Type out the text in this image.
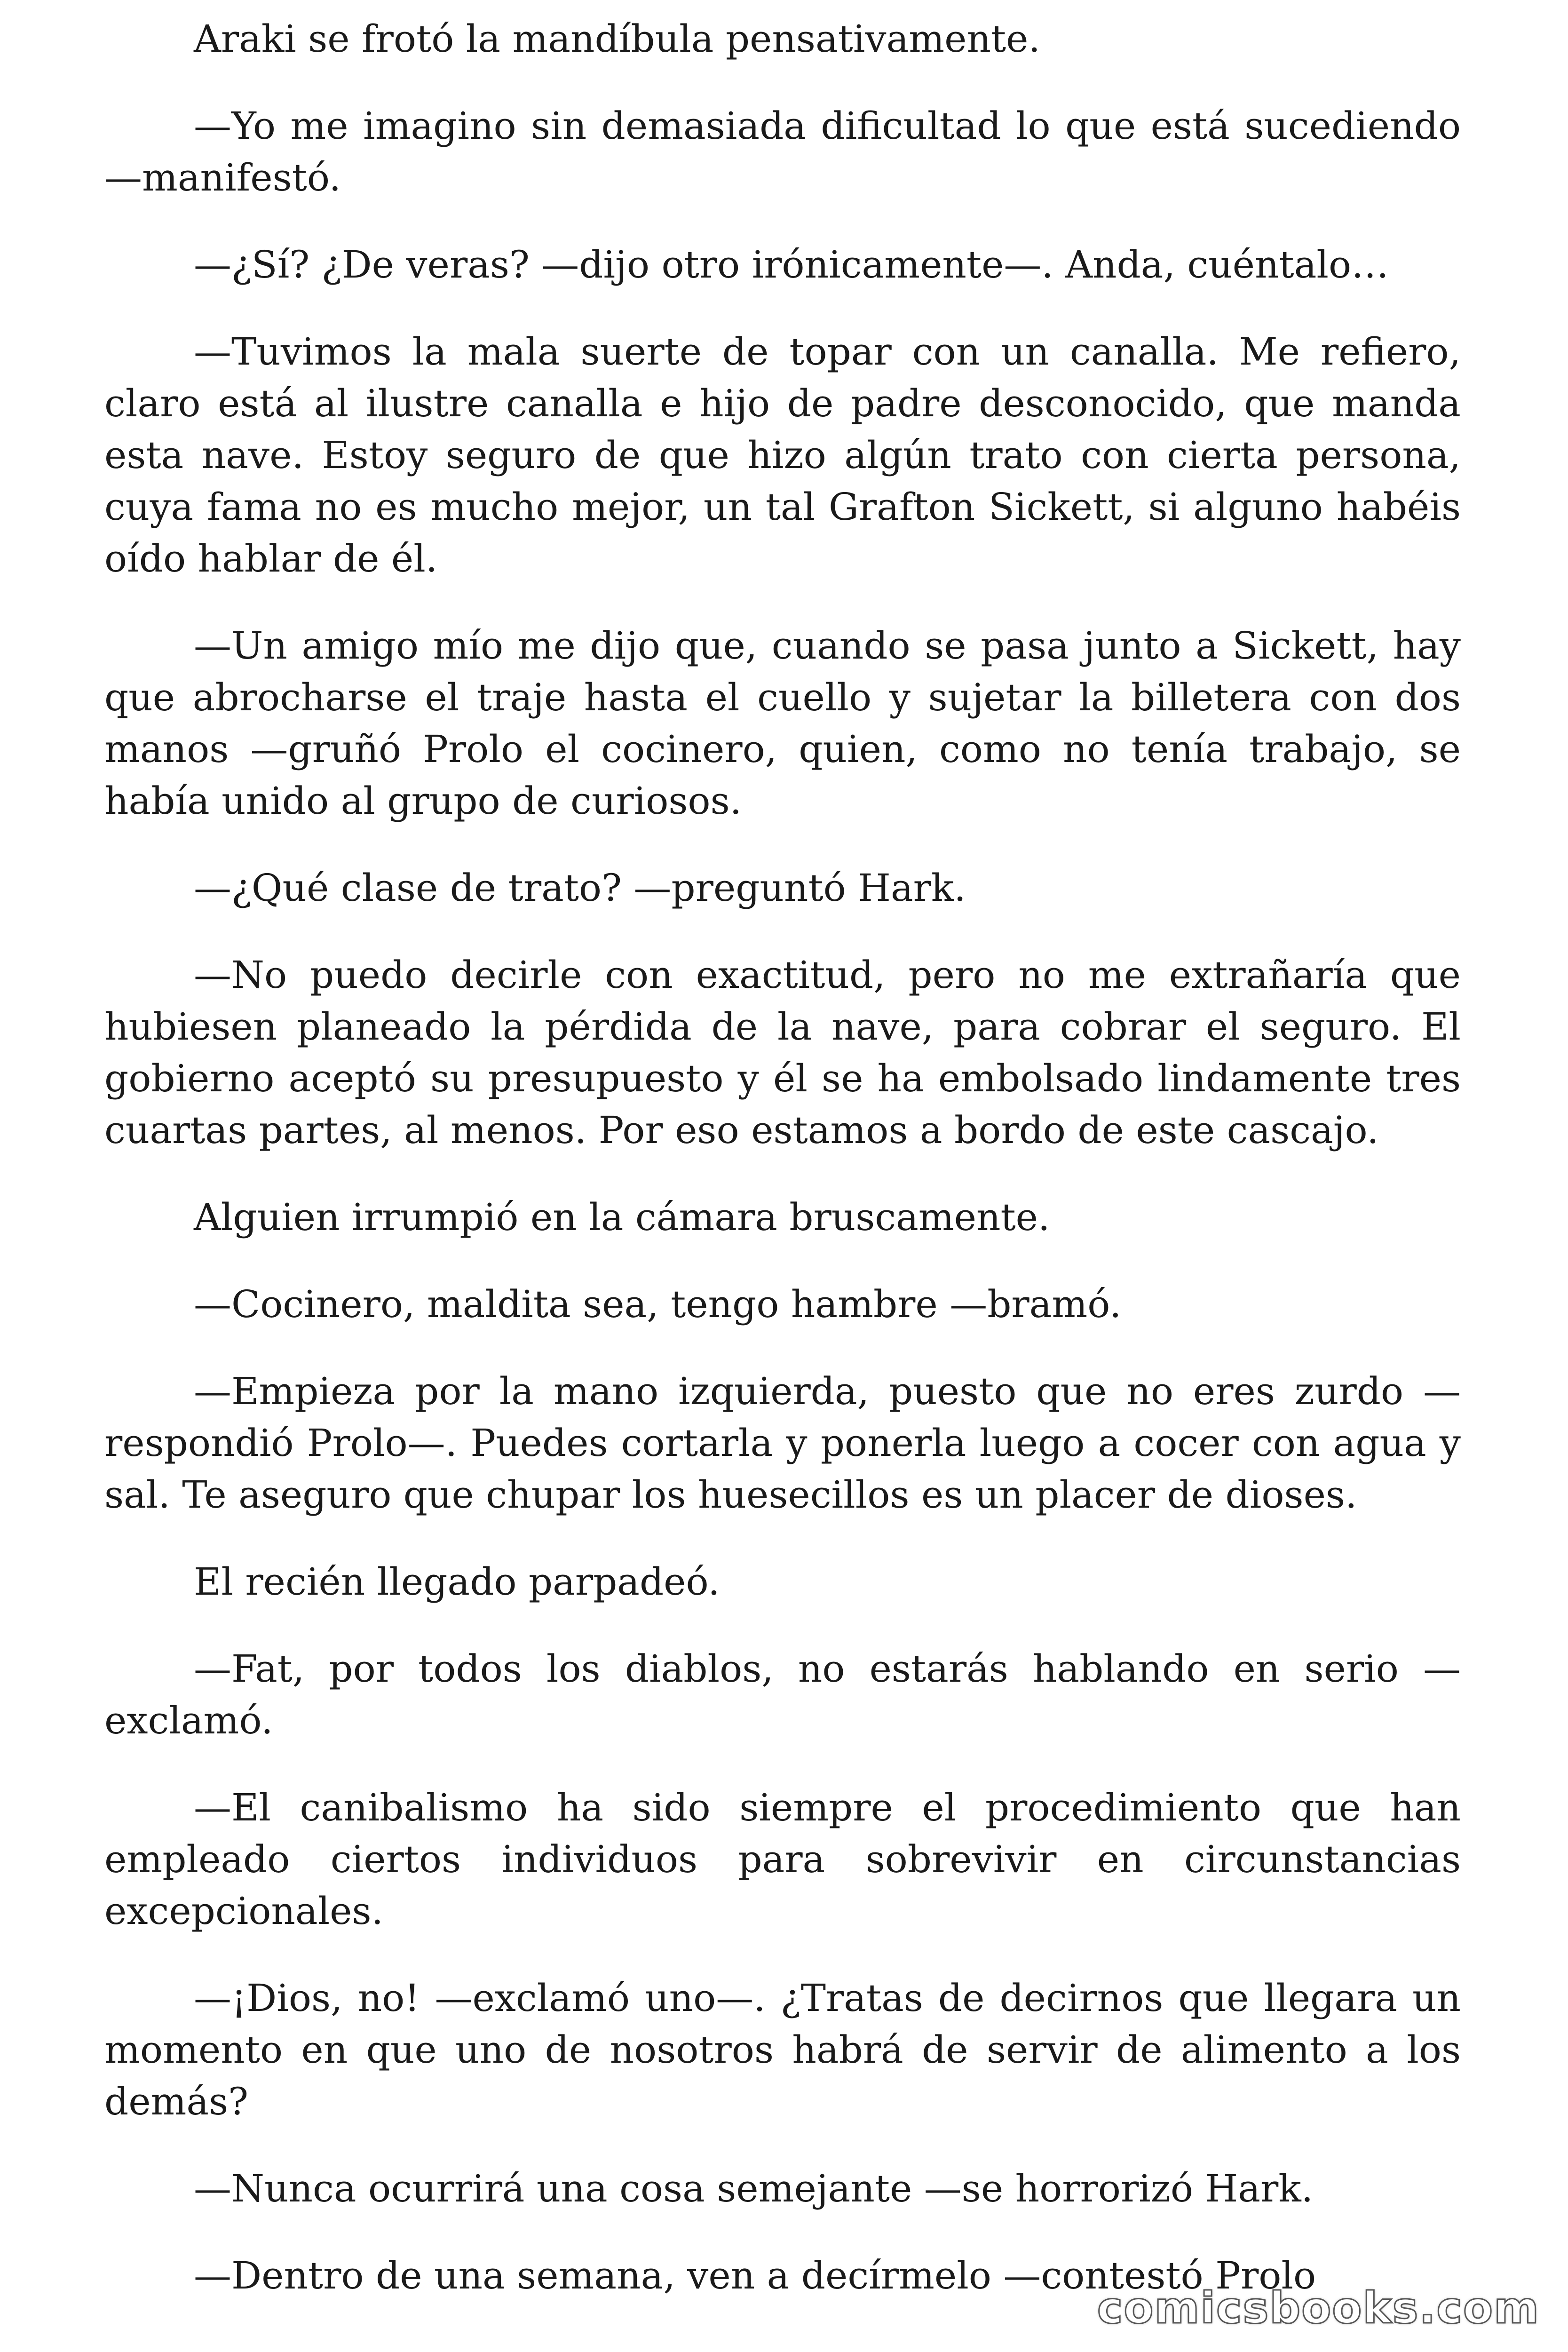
Araki se frotó la mandíbula pensativamente.

—Yo me imagino sin demasiada dificultad lo que está sucediendo —manifestó.

—¿Sí? ¿De veras? —dijo otro irónicamente—. Anda, cuéntalo…

—Tuvimos la mala suerte de topar con un canalla. Me refiero, claro está al ilustre canalla e hijo de padre desconocido, que manda esta nave. Estoy seguro de que hizo algún trato con cierta persona, cuya fama no es mucho mejor, un tal Grafton Sickett, si alguno habéis oído hablar de él.

—Un amigo mío me dijo que, cuando se pasa junto a Sickett, hay que abrocharse el traje hasta el cuello y sujetar la billetera con dos manos —gruñó Prolo el cocinero, quien, como no tenía trabajo, se había unido al grupo de curiosos.

—¿Qué clase de trato? —preguntó Hark.

—No puedo decirle con exactitud, pero no me extrañaría que hubiesen planeado la pérdida de la nave, para cobrar el seguro. El gobierno aceptó su presupuesto y él se ha embolsado lindamente tres cuartas partes, al menos. Por eso estamos a bordo de este cascajo.

Alguien irrumpió en la cámara bruscamente.

—Cocinero, maldita sea, tengo hambre —bramó.

—Empieza por la mano izquierda, puesto que no eres zurdo — respondió Prolo—. Puedes cortarla y ponerla luego a cocer con agua y sal. Te aseguro que chupar los huesecillos es un placer de dioses.

El recién llegado parpadeó.

—Fat, por todos los diablos, no estarás hablando en serio — exclamó.

—El canibalismo ha sido siempre el procedimiento que han empleado ciertos individuos para sobrevivir en circunstancias excepcionales.

—¡Dios, no! —exclamó uno—. ¿Tratas de decirnos que llegara un momento en que uno de nosotros habrá de servir de alimento a los demás?

—Nunca ocurrirá una cosa semejante —se horrorizó Hark.

—Dentro de una semana, ven a decírmelo —contestó Prolo

comicsbooks.com
